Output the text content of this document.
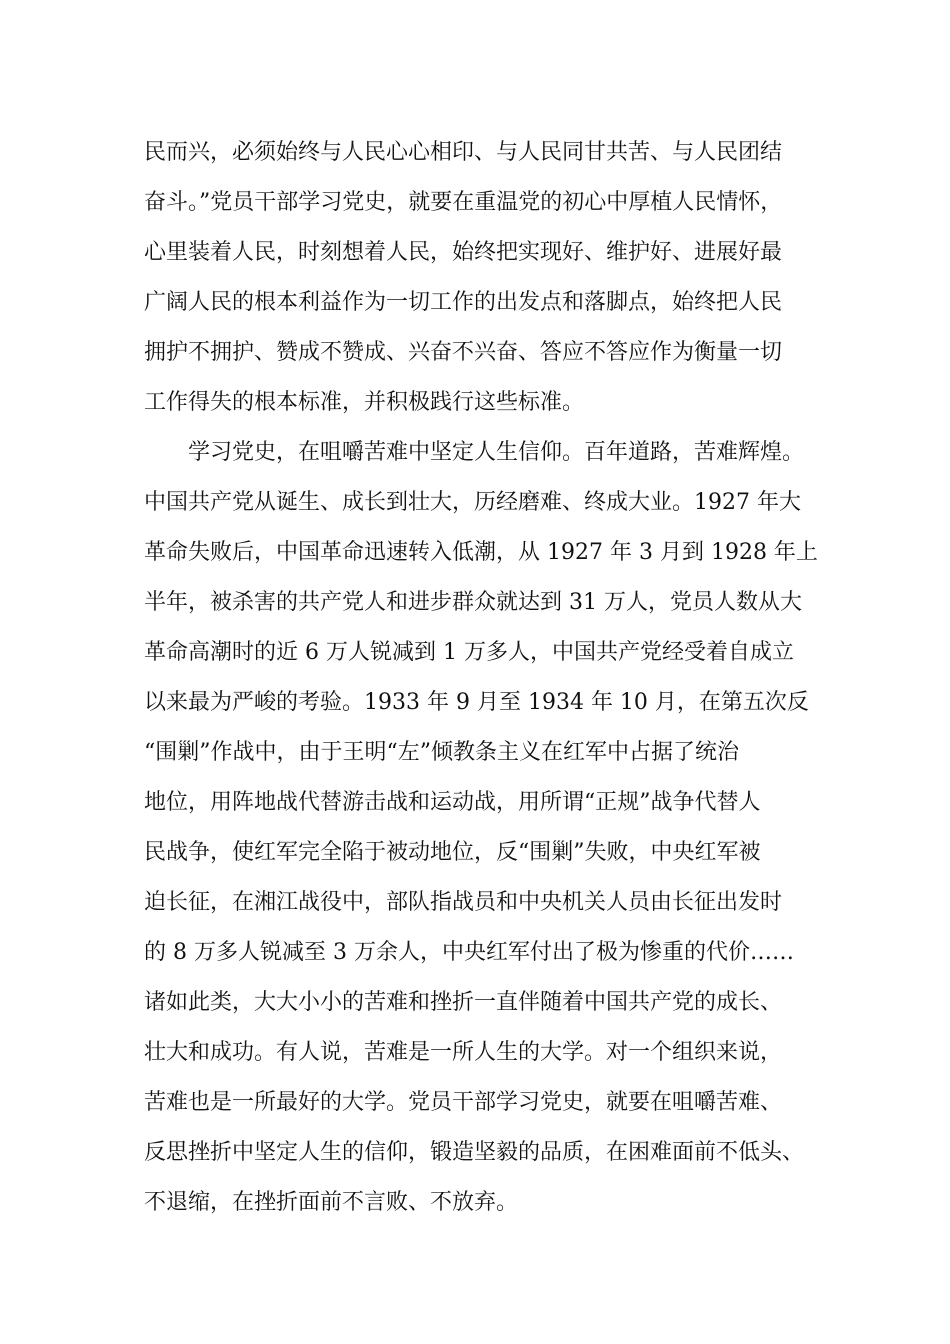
民而兴，必须始终与人民心心相印、与人民同甘共苦、与人民团结
奋斗。”党员干部学习党史，就要在重温党的初心中厚植人民情怀，
心里装着人民，时刻想着人民，始终把实现好、维护好、进展好最
广阔人民的根本利益作为一切工作的出发点和落脚点，始终把人民
拥护不拥护、赞成不赞成、兴奋不兴奋、答应不答应作为衡量一切
工作得失的根本标准，并积极践行这些标准。
　　学习党史，在咀嚼苦难中坚定人生信仰。百年道路，苦难辉煌。
中国共产党从诞生、成长到壮大，历经磨难、终成大业。1927 年大
革命失败后，中国革命迅速转入低潮，从 1927 年 3 月到 1928 年上
半年，被杀害的共产党人和进步群众就达到 31 万人，党员人数从大
革命高潮时的近 6 万人锐减到 1 万多人，中国共产党经受着自成立
以来最为严峻的考验。1933 年 9 月至 1934 年 10 月，在第五次反
“围剿”作战中，由于王明“左”倾教条主义在红军中占据了统治
地位，用阵地战代替游击战和运动战，用所谓“正规”战争代替人
民战争，使红军完全陷于被动地位，反“围剿”失败，中央红军被
迫长征，在湘江战役中，部队指战员和中央机关人员由长征出发时
的 8 万多人锐减至 3 万余人，中央红军付出了极为惨重的代价……
诸如此类，大大小小的苦难和挫折一直伴随着中国共产党的成长、
壮大和成功。有人说，苦难是一所人生的大学。对一个组织来说，
苦难也是一所最好的大学。党员干部学习党史，就要在咀嚼苦难、
反思挫折中坚定人生的信仰，锻造坚毅的品质，在困难面前不低头、
不退缩，在挫折面前不言败、不放弃。
